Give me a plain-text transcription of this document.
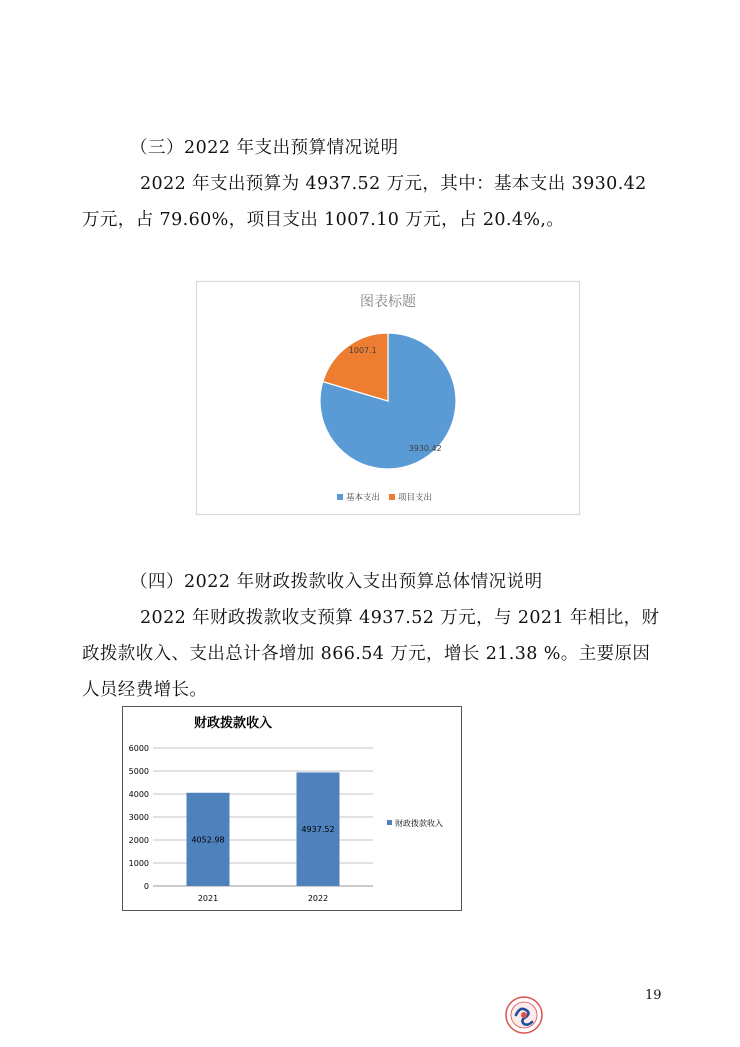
（三）2022 年支出预算情况说明
2022 年支出预算为 4937.52 万元，其中：基本支出 3930.42 万元，占 79.60%，项目支出 1007.10 万元，占 20.4%,。
图表标题
3930.42
1007.1
基本支出 项目支出
（四）2022 年财政拨款收入支出预算总体情况说明
2022 年财政拨款收支预算 4937.52 万元，与 2021 年相比，财政拨款收入、支出总计各增加 866.54 万元，增长 21.38 %。主要原因人员经费增长。
财政拨款收入
0
1000
2000
3000
4000
5000
6000
4052.98
2021
4937.52
2022
财政拨款收入
19
